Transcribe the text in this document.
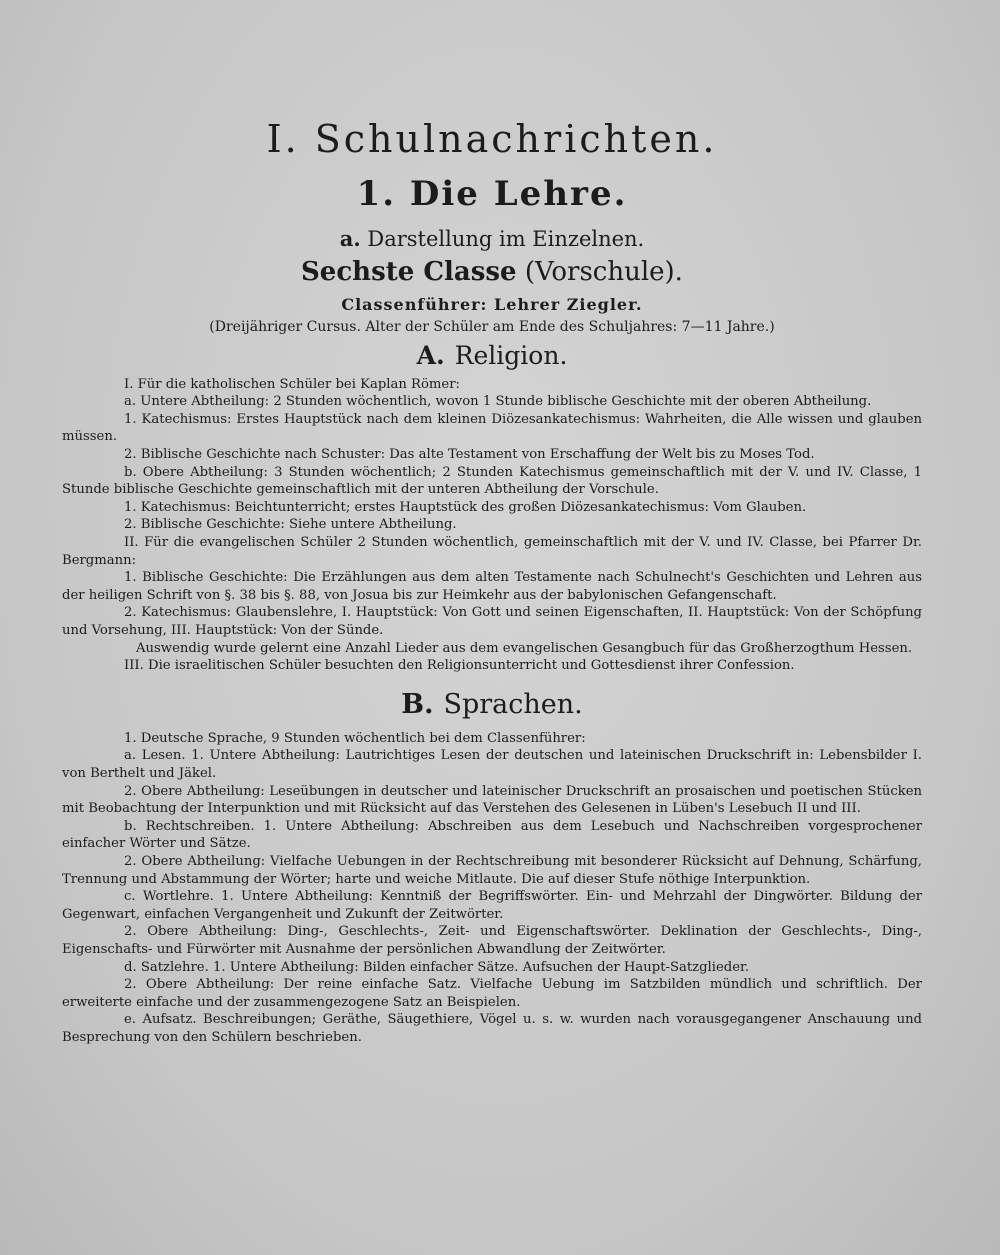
I. Schulnachrichten.
1. Die Lehre.
a. Darstellung im Einzelnen.
Sechste Classe (Vorschule).
Classenführer: Lehrer Ziegler.
(Dreijähriger Cursus. Alter der Schüler am Ende des Schuljahres: 7—11 Jahre.)
A. Religion.

I. Für die katholischen Schüler bei Kaplan Römer:

a. Untere Abtheilung: 2 Stunden wöchentlich, wovon 1 Stunde biblische Geschichte mit der oberen Abtheilung.

1. Katechismus: Erstes Hauptstück nach dem kleinen Diözesankatechismus: Wahrheiten, die Alle wissen und glauben müssen.

2. Biblische Geschichte nach Schuster: Das alte Testament von Erschaffung der Welt bis zu Moses Tod.

b. Obere Abtheilung: 3 Stunden wöchentlich; 2 Stunden Katechismus gemeinschaftlich mit der V. und IV. Classe, 1 Stunde biblische Geschichte gemeinschaftlich mit der unteren Abtheilung der Vorschule.

1. Katechismus: Beichtunterricht; erstes Hauptstück des großen Diözesankatechismus: Vom Glauben.

2. Biblische Geschichte: Siehe untere Abtheilung.

II. Für die evangelischen Schüler 2 Stunden wöchentlich, gemeinschaftlich mit der V. und IV. Classe, bei Pfarrer Dr. Bergmann:

1. Biblische Geschichte: Die Erzählungen aus dem alten Testamente nach Schulnecht's Geschichten und Lehren aus der heiligen Schrift von §. 38 bis §. 88, von Josua bis zur Heimkehr aus der babylonischen Gefangenschaft.

2. Katechismus: Glaubenslehre, I. Hauptstück: Von Gott und seinen Eigenschaften, II. Hauptstück: Von der Schöpfung und Vorsehung, III. Hauptstück: Von der Sünde.

Auswendig wurde gelernt eine Anzahl Lieder aus dem evangelischen Gesangbuch für das Großherzogthum Hessen.

III. Die israelitischen Schüler besuchten den Religionsunterricht und Gottesdienst ihrer Confession.

B. Sprachen.

1. Deutsche Sprache, 9 Stunden wöchentlich bei dem Classenführer:

a. Lesen. 1. Untere Abtheilung: Lautrichtiges Lesen der deutschen und lateinischen Druckschrift in: Lebensbilder I. von Berthelt und Jäkel.

2. Obere Abtheilung: Leseübungen in deutscher und lateinischer Druckschrift an prosaischen und poetischen Stücken mit Beobachtung der Interpunktion und mit Rücksicht auf das Verstehen des Gelesenen in Lüben's Lesebuch II und III.

b. Rechtschreiben. 1. Untere Abtheilung: Abschreiben aus dem Lesebuch und Nachschreiben vorgesprochener einfacher Wörter und Sätze.

2. Obere Abtheilung: Vielfache Uebungen in der Rechtschreibung mit besonderer Rücksicht auf Dehnung, Schärfung, Trennung und Abstammung der Wörter; harte und weiche Mitlaute. Die auf dieser Stufe nöthige Interpunktion.

c. Wortlehre. 1. Untere Abtheilung: Kenntniß der Begriffswörter. Ein- und Mehrzahl der Dingwörter. Bildung der Gegenwart, einfachen Vergangenheit und Zukunft der Zeitwörter.

2. Obere Abtheilung: Ding-, Geschlechts-, Zeit- und Eigenschaftswörter. Deklination der Geschlechts-, Ding-, Eigenschafts- und Fürwörter mit Ausnahme der persönlichen Abwandlung der Zeitwörter.

d. Satzlehre. 1. Untere Abtheilung: Bilden einfacher Sätze. Aufsuchen der Haupt-Satzglieder.

2. Obere Abtheilung: Der reine einfache Satz. Vielfache Uebung im Satzbilden mündlich und schriftlich. Der erweiterte einfache und der zusammengezogene Satz an Beispielen.

e. Aufsatz. Beschreibungen; Geräthe, Säugethiere, Vögel u. s. w. wurden nach vorausgegangener Anschauung und Besprechung von den Schülern beschrieben.
